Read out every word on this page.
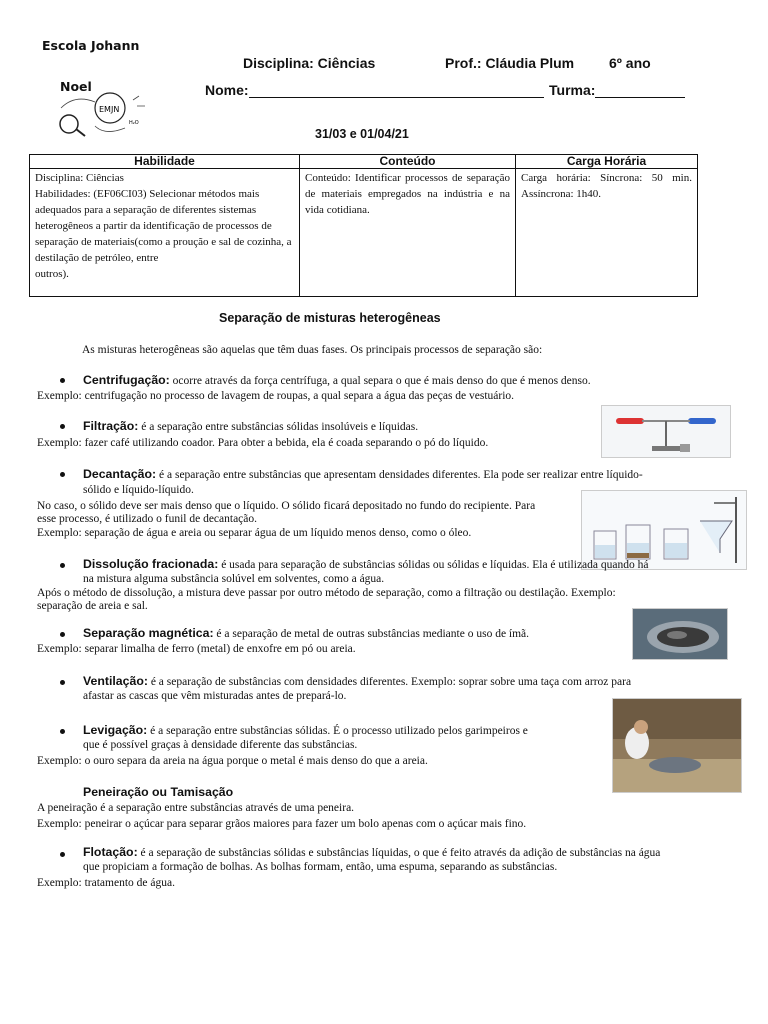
Escola Johann
Noel
EMJN
H₂O
Disciplina: Ciências	Prof.: Cláudia Plum 6º ano
Nome:	Turma:
31/03 e 01/04/21
Habilidade	Conteúdo	Carga Horária

Disciplina: Ciências
Habilidades: (EF06CI03) Selecionar métodos mais adequados para a separação de diferentes sistemas heterogêneos a partir da identificação de processos de separação de materiais(como a proução e sal de cozinha, a destilação de petróleo, entre
outros).	Conteúdo: Identificar processos de separação de materiais empregados na indústria e na vida cotidiana.	Carga horária: Síncrona: 50 min. Assíncrona: 1h40.
Separação de misturas heterogêneas
As misturas heterogêneas são aquelas que têm duas fases. Os principais processos de separação são:
Centrifugação: ocorre através da força centrífuga, a qual separa o que é mais denso do que é menos denso.
Exemplo: centrifugação no processo de lavagem de roupas, a qual separa a água das peças de vestuário.
Filtração: é a separação entre substâncias sólidas insolúveis e líquidas.
Exemplo: fazer café utilizando coador. Para obter a bebida, ela é coada separando o pó do líquido.
Decantação: é a separação entre substâncias que apresentam densidades diferentes. Ela pode ser realizar entre líquido-
sólido e líquido-líquido.
No caso, o sólido deve ser mais denso que o líquido. O sólido ficará depositado no fundo do recipiente. Para
esse processo, é utilizado o funil de decantação.
Exemplo: separação de água e areia ou separar água de um líquido menos denso, como o óleo.
Dissolução fracionada: é usada para separação de substâncias sólidas ou sólidas e líquidas. Ela é utilizada quando há
na mistura alguma substância solúvel em solventes, como a água.
Após o método de dissolução, a mistura deve passar por outro método de separação, como a filtração ou destilação. Exemplo:
separação de areia e sal.
Separação magnética: é a separação de metal de outras substâncias mediante o uso de ímã.
Exemplo: separar limalha de ferro (metal) de enxofre em pó ou areia.
Ventilação: é a separação de substâncias com densidades diferentes. Exemplo: soprar sobre uma taça com arroz para
afastar as cascas que vêm misturadas antes de prepará-lo.
Levigação: é a separação entre substâncias sólidas. É o processo utilizado pelos garimpeiros e
que é possível graças à densidade diferente das substâncias.
Exemplo: o ouro separa da areia na água porque o metal é mais denso do que a areia.
Peneiração ou Tamisação
A peneiração é a separação entre substâncias através de uma peneira.
Exemplo: peneirar o açúcar para separar grãos maiores para fazer um bolo apenas com o açúcar mais fino.
Flotação: é a separação de substâncias sólidas e substâncias líquidas, o que é feito através da adição de substâncias na água
que propiciam a formação de bolhas. As bolhas formam, então, uma espuma, separando as substâncias.
Exemplo: tratamento de água.
